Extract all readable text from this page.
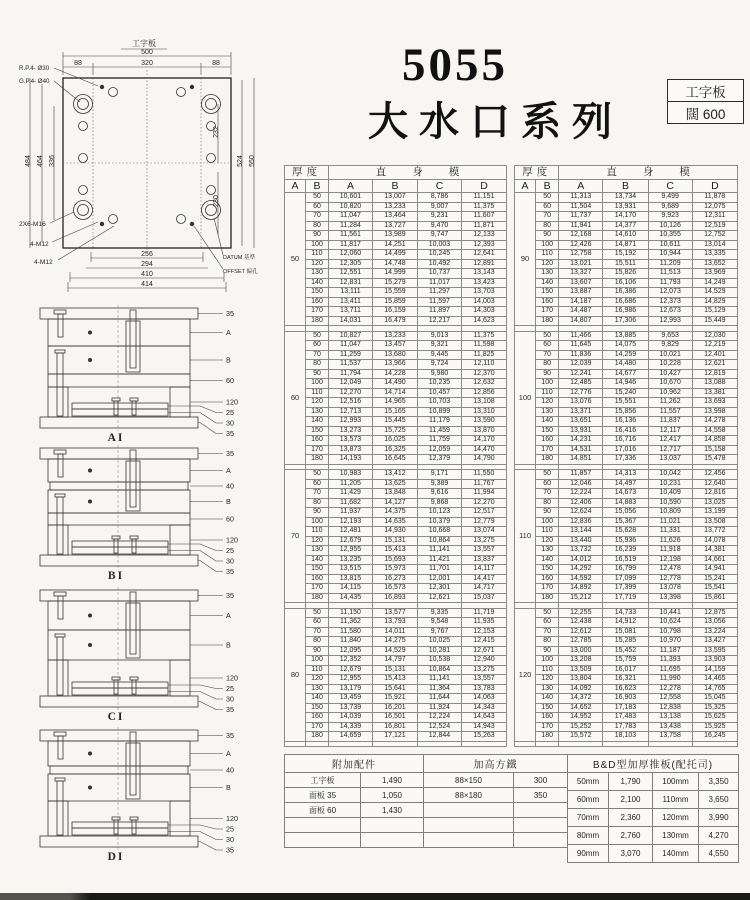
工字板
500
88	320	88
484 464 336
232
230
524 550
256
294
410
414
R.P.4- Ø30
G.P.4- Ø40
2X6-M16
4-M12
4-M12
DATUM 基準
OFFSET 偏孔
5055
大水口系列
工字板
闊 600
35
A
B
60
120
25
30
35
AI
35
A
40
B
60
120
25
30
35
BI
35
A
B
120
25
30
35
CI
35
A
40
B
120
25
30
35
DI
厚度		直身模			
A	B	A	B	C	D
50	50	10,601	13,007	8,786	11,151
	60	10,820	13,233	9,007	11,375
	70	11,047	13,464	9,231	11,607
	80	11,284	13,727	9,470	11,871
	90	11,561	13,989	9,747	12,133
	100	11,817	14,251	10,003	12,393
	110	12,060	14,499	10,245	12,641
	120	12,305	14,748	10,492	12,891
	130	12,551	14,999	10,737	13,143
	140	12,831	15,279	11,017	13,423
	150	13,111	15,559	11,297	13,703
	160	13,411	15,859	11,597	14,003
	170	13,711	16,159	11,897	14,303
	180	14,031	16,479	12,217	14,623

60	50	10,827	13,233	9,013	11,375
	60	11,047	13,457	9,321	11,598
	70	11,259	13,680	9,445	11,825
	80	11,537	13,966	9,724	12,110
	90	11,794	14,228	9,980	12,370
	100	12,049	14,490	10,235	12,632
	110	12,270	14,714	10,457	12,856
	120	12,516	14,965	10,703	13,108
	130	12,713	15,165	10,899	13,310
	140	12,993	15,445	11,179	13,590
	150	13,273	15,725	11,459	13,870
	160	13,573	16,025	11,759	14,170
	170	13,873	16,325	12,059	14,470
	180	14,193	16,645	12,379	14,790

70	50	10,983	13,412	9,171	11,550
	60	11,205	13,625	9,389	11,767
	70	11,429	13,848	9,616	11,994
	80	11,682	14,127	9,868	12,270
	90	11,937	14,375	10,123	12,517
	100	12,193	14,635	10,379	12,779
	110	12,481	14,930	10,668	13,074
	120	12,679	15,131	10,864	13,275
	130	12,955	15,413	11,141	13,557
	140	13,235	15,693	11,421	13,837
	150	13,515	15,973	11,701	14,117
	160	13,815	16,273	12,001	14,417
	170	14,115	16,573	12,301	14,717
	180	14,435	16,893	12,621	15,037

80	50	11,150	13,577	9,335	11,719
	60	11,362	13,793	9,548	11,935
	70	11,580	14,011	9,767	12,153
	80	11,840	14,275	10,025	12,415
	90	12,095	14,529	10,281	12,671
	100	12,352	14,797	10,538	12,940
	110	12,679	15,131	10,864	13,275
	120	12,955	15,413	11,141	13,557
	130	13,179	15,641	11,364	13,783
	140	13,459	15,921	11,644	14,063
	150	13,739	16,201	11,924	14,343
	160	14,039	16,501	12,224	14,643
	170	14,339	16,801	12,524	14,943
	180	14,659	17,121	12,844	15,263

厚度		直身模			
A	B	A	B	C	D
90	50	11,313	13,734	9,499	11,878
	60	11,504	13,931	9,689	12,075
	70	11,737	14,170	9,923	12,311
	80	11,941	14,377	10,126	12,519
	90	12,168	14,610	10,355	12,752
	100	12,426	14,871	10,611	13,014
	110	12,758	15,192	10,944	13,335
	120	13,021	15,511	11,209	13,652
	130	13,327	15,826	11,513	13,969
	140	13,607	16,106	11,793	14,249
	150	13,887	16,386	12,073	14,529
	160	14,187	16,686	12,373	14,829
	170	14,487	16,986	12,673	15,129
	180	14,807	17,306	12,993	15,449

100	50	11,466	13,885	9,653	12,030
	60	11,645	14,075	9,829	12,219
	70	11,836	14,259	10,021	12,401
	80	12,039	14,480	10,228	12,621
	90	12,241	14,677	10,427	12,819
	100	12,485	14,946	10,670	13,088
	110	12,776	15,240	10,962	13,381
	120	13,076	15,551	11,262	13,693
	130	13,371	15,856	11,557	13,998
	140	13,651	16,136	11,837	14,278
	150	13,931	16,416	12,117	14,558
	160	14,231	16,716	12,417	14,858
	170	14,531	17,016	12,717	15,158
	180	14,851	17,336	13,037	15,478

110	50	11,857	14,313	10,042	12,456
	60	12,046	14,497	10,231	12,640
	70	12,224	14,673	10,409	12,816
	80	12,406	14,883	10,590	13,025
	90	12,624	15,056	10,809	13,199
	100	12,836	15,367	11,021	13,508
	110	13,144	15,628	11,331	13,772
	120	13,440	15,936	11,626	14,078
	130	13,732	16,239	11,918	14,381
	140	14,012	16,519	12,198	14,661
	150	14,292	16,799	12,478	14,941
	160	14,592	17,099	12,778	15,241
	170	14,892	17,399	13,078	15,541
	180	15,212	17,719	13,398	15,861

120	50	12,255	14,733	10,441	12,875
	60	12,438	14,912	10,624	13,056
	70	12,612	15,081	10,798	13,224
	80	12,785	15,285	10,970	13,427
	90	13,000	15,452	11,187	13,595
	100	13,208	15,759	11,393	13,903
	110	13,509	16,017	11,695	14,159
	120	13,804	16,321	11,990	14,465
	130	14,092	16,623	12,278	14,765
	140	14,372	16,903	12,558	15,045
	150	14,652	17,183	12,838	15,325
	160	14,952	17,483	13,138	15,625
	170	15,252	17,783	13,438	15,925
	180	15,572	18,103	13,758	16,245

附加配件	
工字板	1,490
面板 35	1,050
面板 60	1,430

加高方鐵	
88×150	300
88×180	350

B&D型加厚推板(配托司)			
50mm	1,790	100mm	3,350
60mm	2,100	110mm	3,650
70mm	2,360	120mm	3,990
80mm	2,760	130mm	4,270
90mm	3,070	140mm	4,550
